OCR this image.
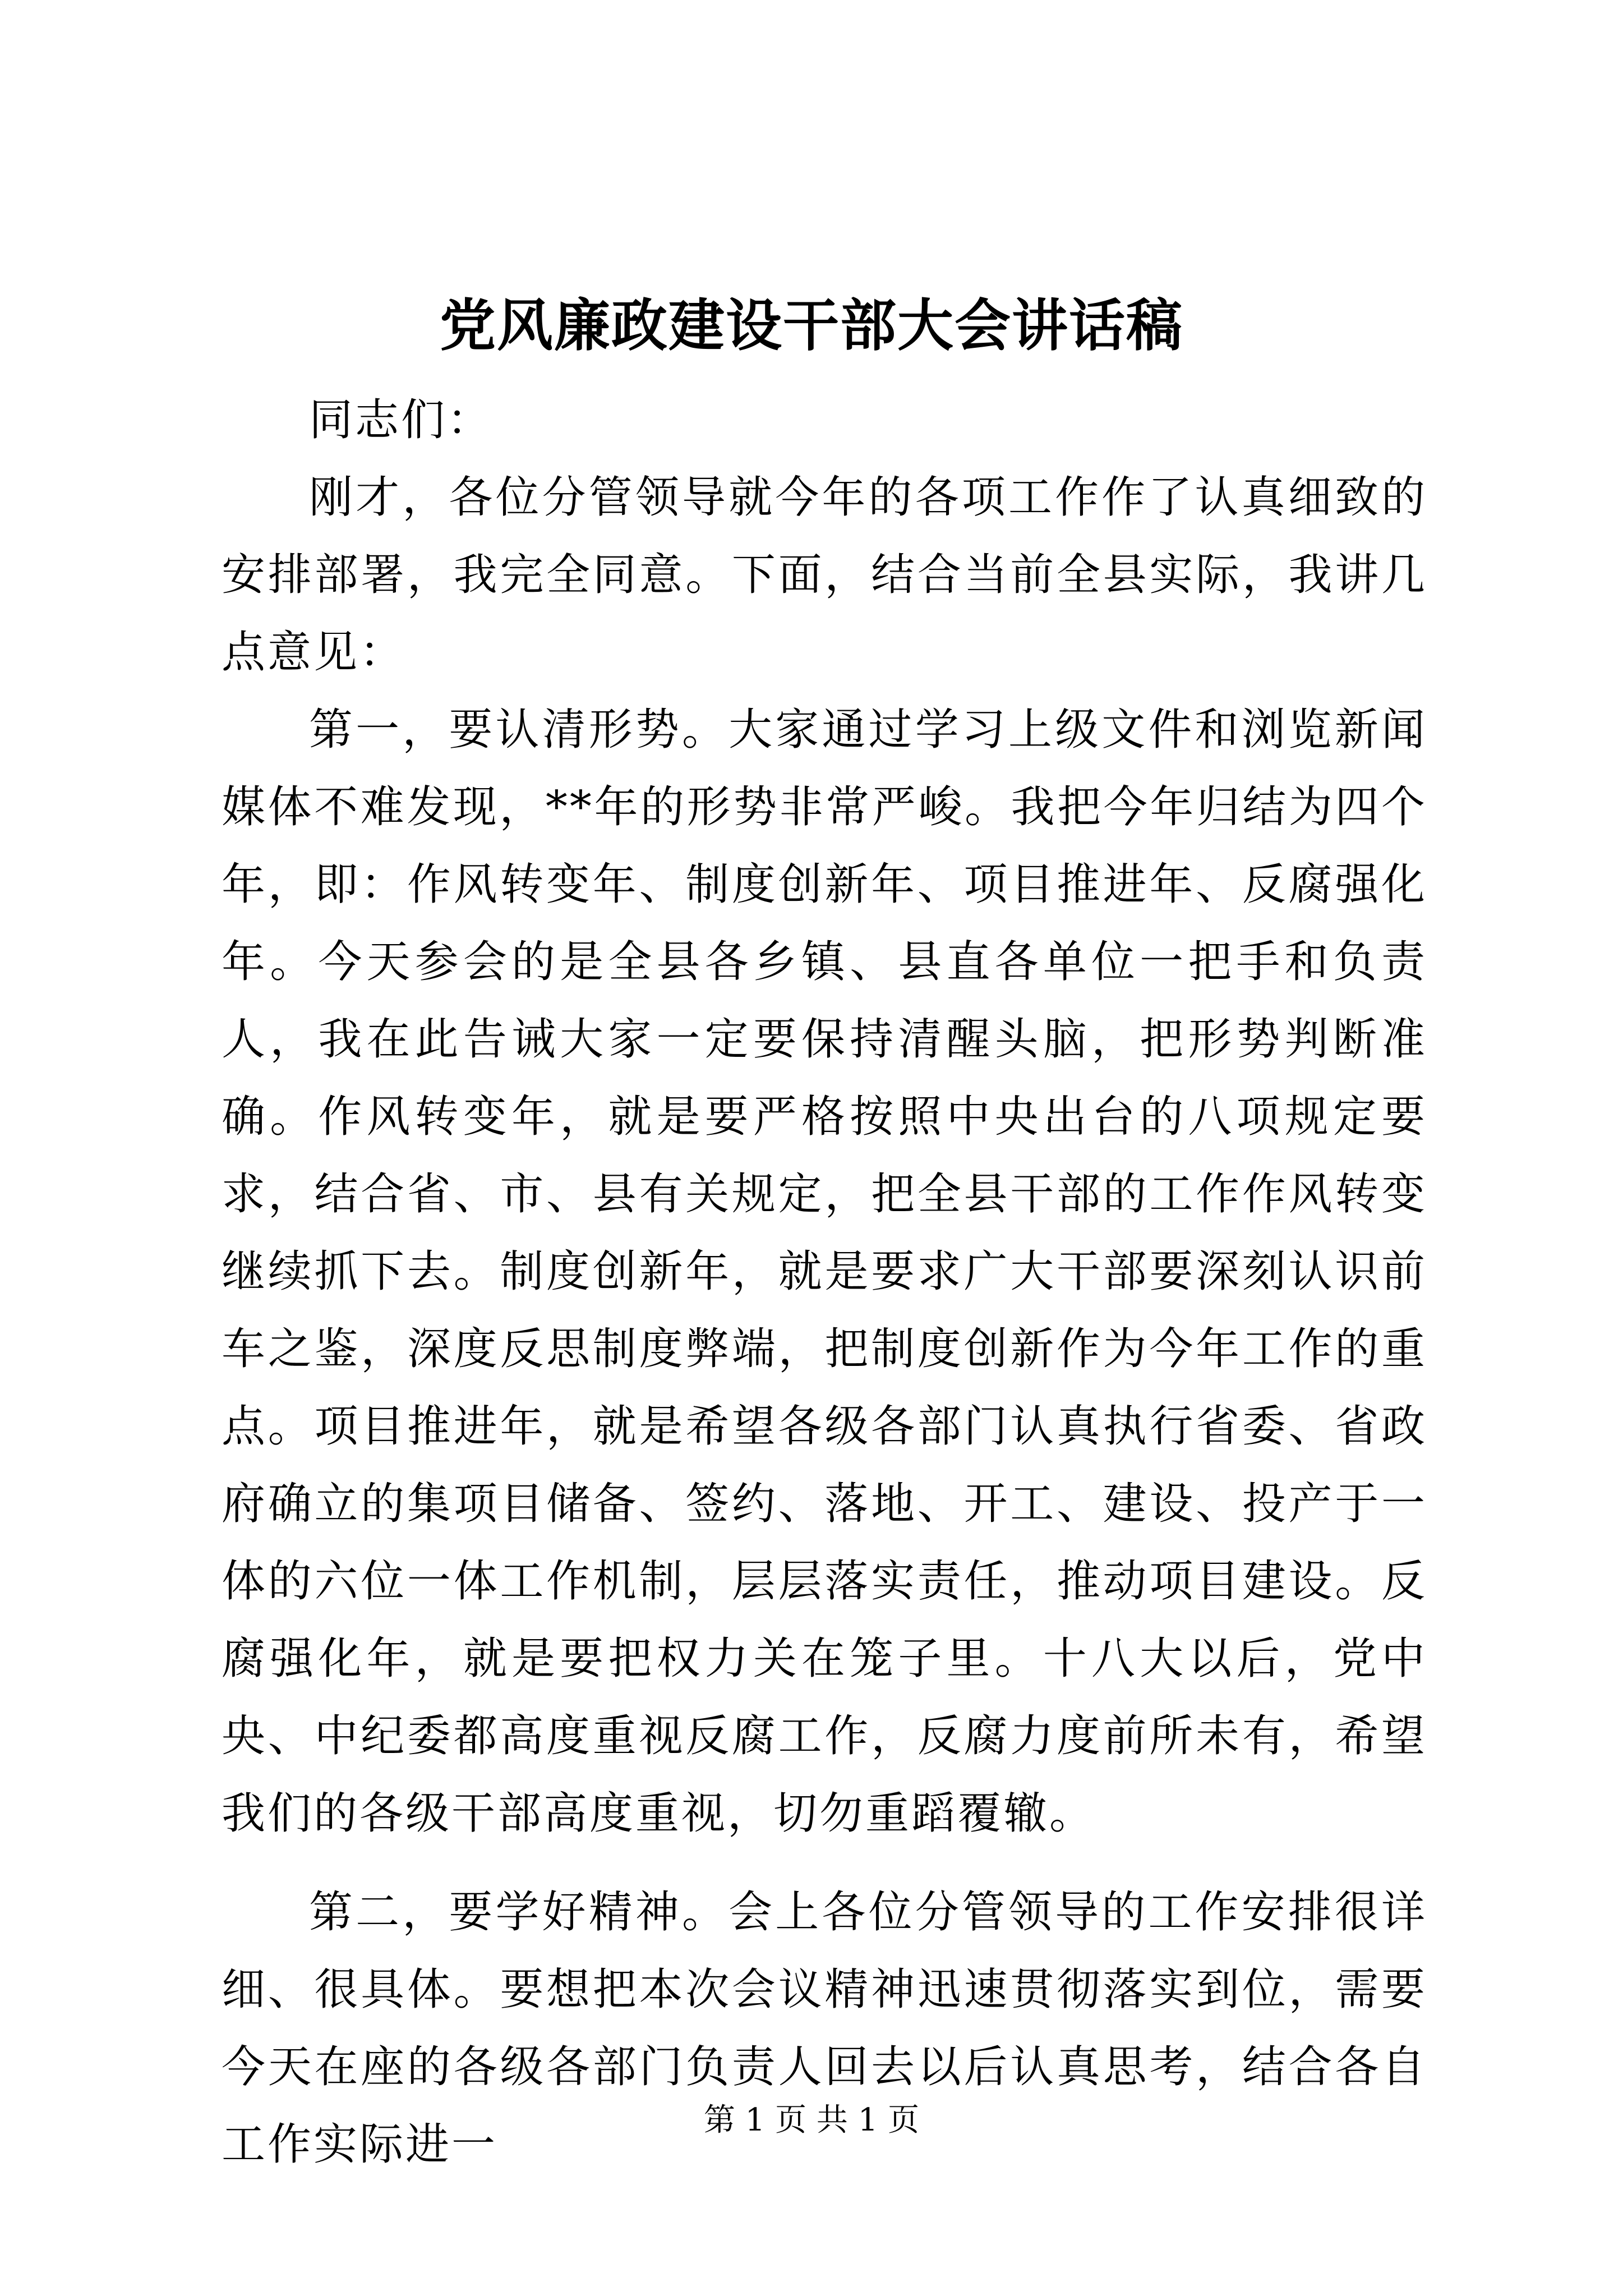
党风廉政建设干部大会讲话稿

同志们：

刚才，各位分管领导就今年的各项工作作了认真细致的安排部署，我完全同意。下面，结合当前全县实际，我讲几点意见：

第一，要认清形势。大家通过学习上级文件和浏览新闻媒体不难发现，**年的形势非常严峻。我把今年归结为四个年，即：作风转变年、制度创新年、项目推进年、反腐强化年。今天参会的是全县各乡镇、县直各单位一把手和负责人，我在此告诫大家一定要保持清醒头脑，把形势判断准确。作风转变年，就是要严格按照中央出台的八项规定要求，结合省、市、县有关规定，把全县干部的工作作风转变继续抓下去。制度创新年，就是要求广大干部要深刻认识前车之鉴，深度反思制度弊端，把制度创新作为今年工作的重点。项目推进年，就是希望各级各部门认真执行省委、省政府确立的集项目储备、签约、落地、开工、建设、投产于一体的六位一体工作机制，层层落实责任，推动项目建设。反腐强化年，就是要把权力关在笼子里。十八大以后，党中央、中纪委都高度重视反腐工作，反腐力度前所未有，希望我们的各级干部高度重视，切勿重蹈覆辙。

第二，要学好精神。会上各位分管领导的工作安排很详细、很具体。要想把本次会议精神迅速贯彻落实到位，需要今天在座的各级各部门负责人回去以后认真思考，结合各自工作实际进一	第 1 页 共 1 页
